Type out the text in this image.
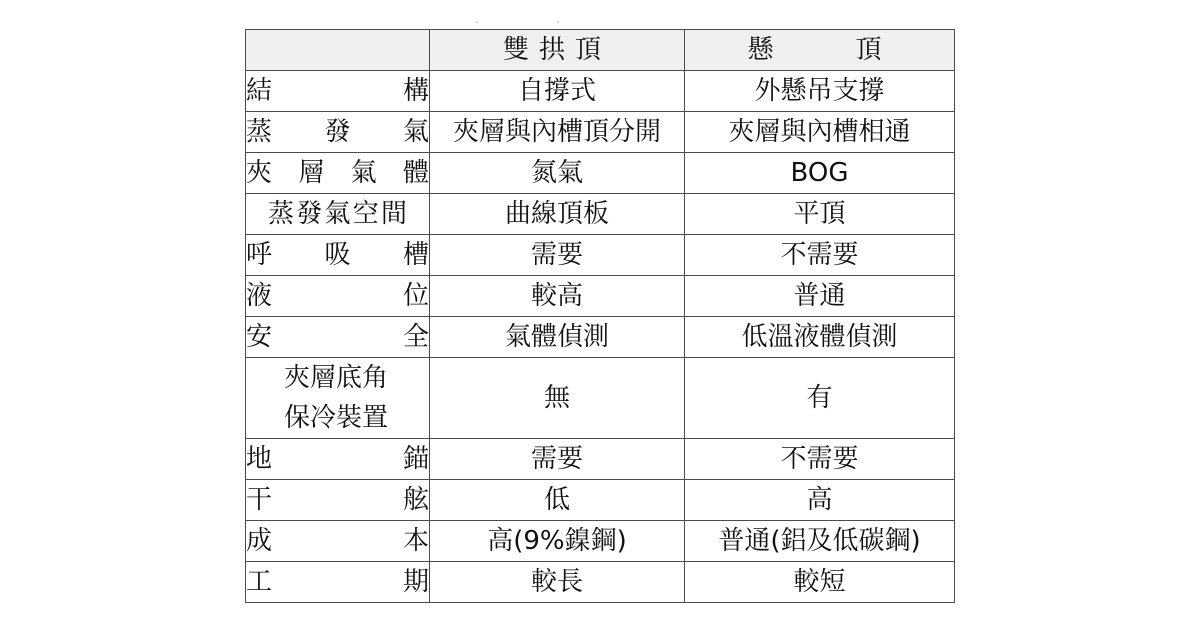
	雙拱頂	懸　　頂
結　　構	自撐式	外懸吊支撐
蒸 發 氣	夾層與內槽頂分開	夾層與內槽相通
夾層氣體	氮氣	BOG
蒸發氣空間	曲線頂板	平頂
呼 吸 槽	需要	不需要
液　　位	較高	普通
安　　全	氣體偵測	低溫液體偵測

夾層底角
保冷裝置	無	有
地　　錨	需要	不需要
干　　舷	低	高
成　　本	高(9%鎳鋼)	普通(鋁及低碳鋼)
工　　期	較長	較短
